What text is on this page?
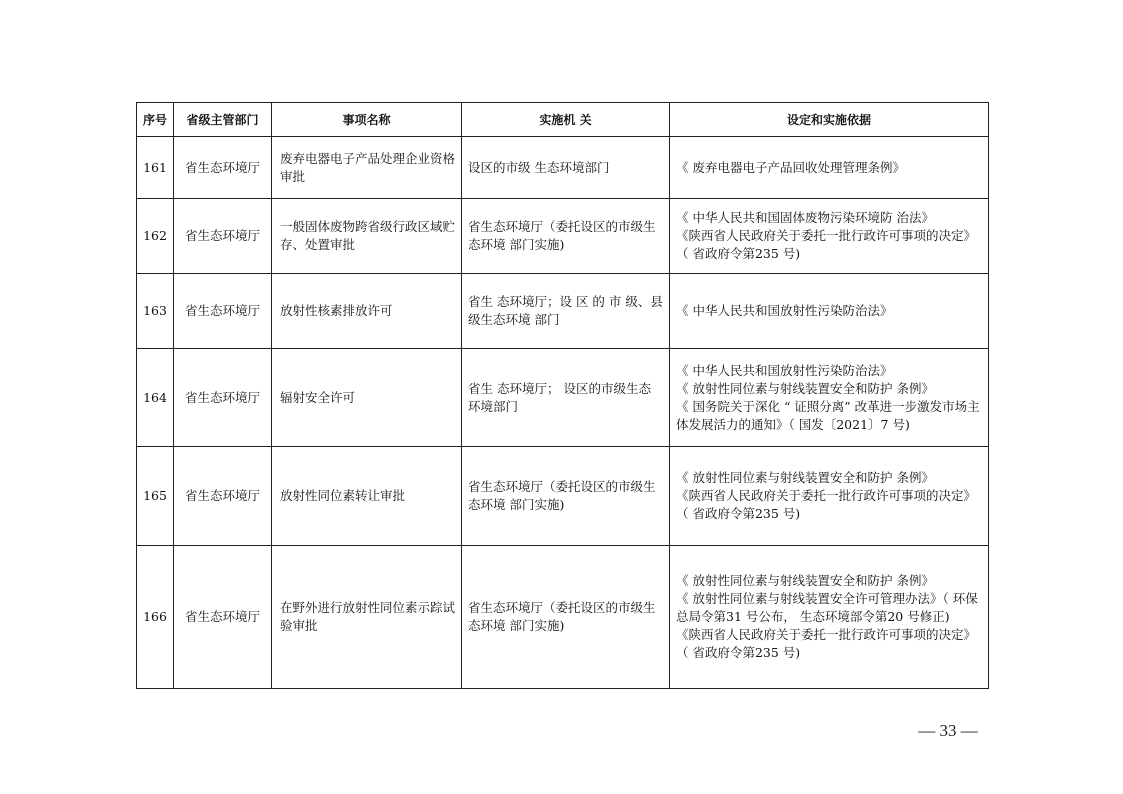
序号	省级主管部门	事项名称	实施机 关	设定和实施依据
161	省生态环境厅	废弃电器电子产品处理企业资格审批	设区的市级 生态环境部门	《 废弃电器电子产品回收处理管理条例》

162	省生态环境厅	一般固体废物跨省级行政区域贮存、处置审批	省生态环境厅（委托设区的市级生态环境 部门实施)	《 中华人民共和国固体废物污染环境防 治法》
《陕西省人民政府关于委托一批行政许可事项的决定》（ 省政府令第235 号)

163	省生态环境厅	放射性核素排放许可	省生 态环境厅；设 区 的 市 级、县级生态环境 部门	《 中华人民共和国放射性污染防治法》

164	省生态环境厅	辐射安全许可	省生 态环境厅； 设区的市级生态环境部门	《 中华人民共和国放射性污染防治法》
《 放射性同位素与射线装置安全和防护 条例》
《 国务院关于深化 “ 证照分离” 改革进一步激发市场主体发展活力的通知》（ 国发〔2021〕7 号)

165	省生态环境厅	放射性同位素转让审批	省生态环境厅（委托设区的市级生态环境 部门实施)	《 放射性同位素与射线装置安全和防护 条例》
《陕西省人民政府关于委托一批行政许可事项的决定》（ 省政府令第235 号)

166	省生态环境厅	在野外进行放射性同位素示踪试验审批	省生态环境厅（委托设区的市级生态环境 部门实施)	《 放射性同位素与射线装置安全和防护 条例》
《 放射性同位素与射线装置安全许可管理办法》（ 环保总局令第31 号公布， 生态环境部令第20 号修正)
《陕西省人民政府关于委托一批行政许可事项的决定》（ 省政府令第235 号)
— 33 —
